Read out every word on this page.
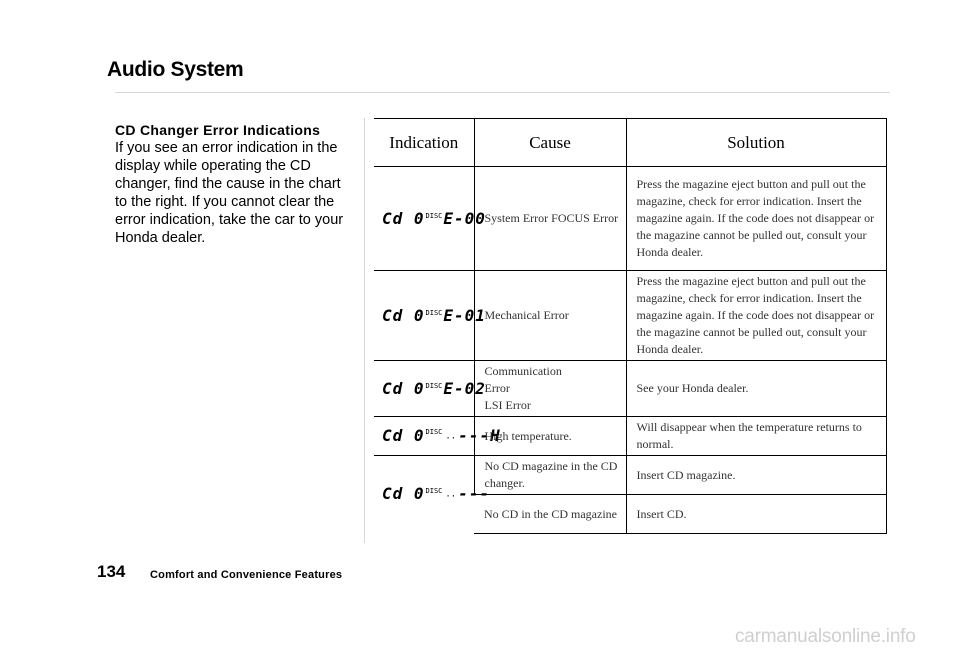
Audio System
CD Changer Error Indications
If you see an error indication in the display while operating the CD changer, find the cause in the chart to the right. If you cannot clear the error indication, take the car to your Honda dealer.
Indication	Cause	Solution
Cd $0^{DISC}E-00$	System Error FOCUS Error	Press the magazine eject button and pull out the magazine, check for error indication. Insert the magazine again. If the code does not disappear or the magazine cannot be pulled out, consult your Honda dealer.
Cd $0^{DISC}E-01$	Mechanical Error	Press the magazine eject button and pull out the magazine, check for error indication. Insert the magazine again. If the code does not disappear or the magazine cannot be pulled out, consult your Honda dealer.
Cd $0^{DISC}E-02$	Communication
Error
LSI Error	See your Honda dealer.
Cd $0^{DISC}\cdot\cdot ---H$	High temperature.	Will disappear when the temperature returns to normal.
Cd $0^{DISC}\cdot\cdot$ ---	No CD magazine in the CD changer.	Insert CD magazine.
	No CD in the CD magazine	Insert CD.
134 Comfort and Convenience Features
carmanualsonline.info
